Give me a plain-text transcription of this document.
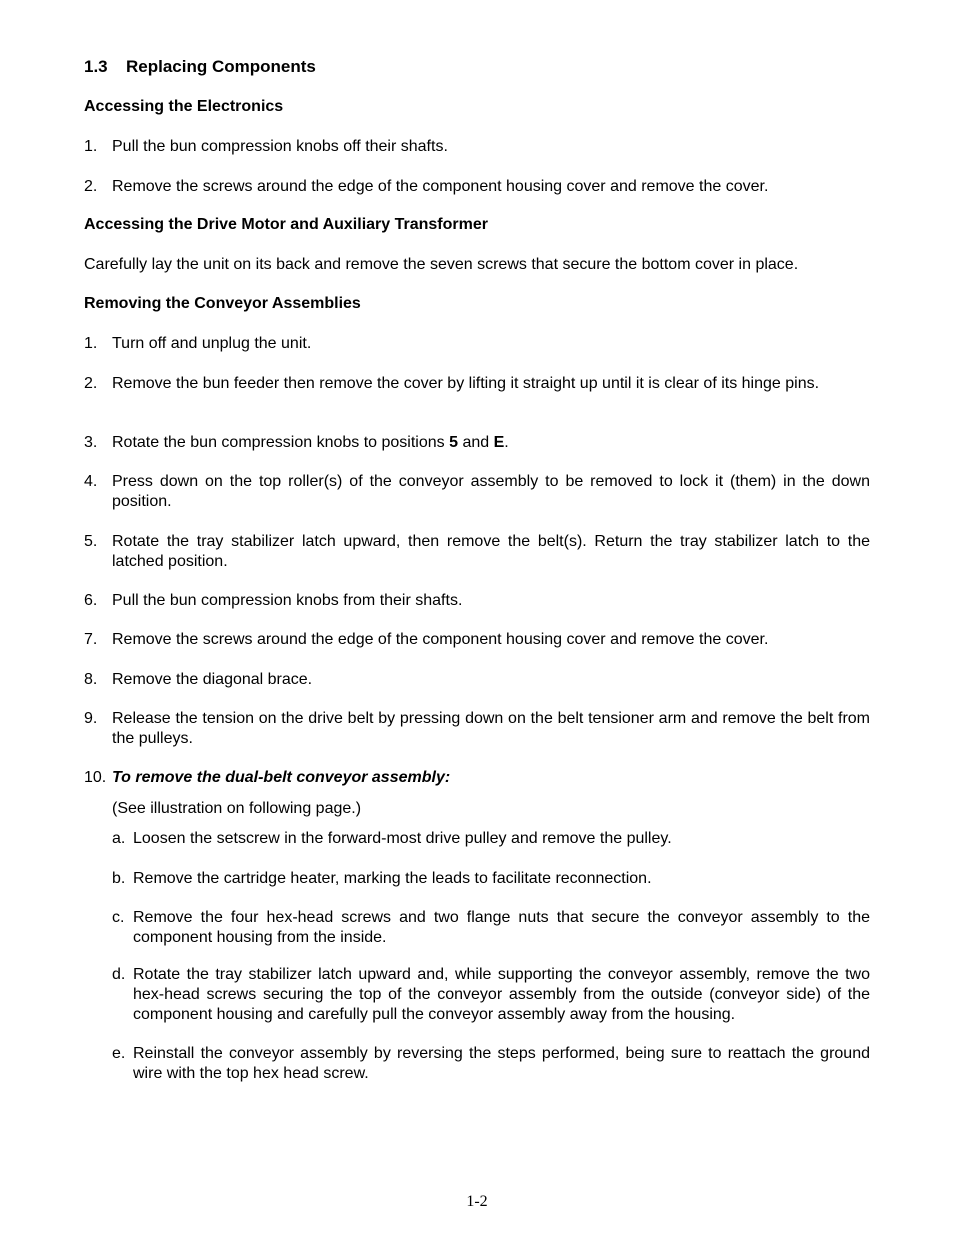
1.3 Replacing Components
Accessing the Electronics
1. Pull the bun compression knobs off their shafts.
2. Remove the screws around the edge of the component housing cover and remove the cover.
Accessing the Drive Motor and Auxiliary Transformer
Carefully lay the unit on its back and remove the seven screws that secure the bottom cover in place.
Removing the Conveyor Assemblies
1. Turn off and unplug the unit.
2. Remove the bun feeder then remove the cover by lifting it straight up until it is clear of its hinge pins.
3. Rotate the bun compression knobs to positions 5 and E.
4. Press down on the top roller(s) of the conveyor assembly to be removed to lock it (them) in the down position.
5. Rotate the tray stabilizer latch upward, then remove the belt(s). Return the tray stabilizer latch to the latched position.
6. Pull the bun compression knobs from their shafts.
7. Remove the screws around the edge of the component housing cover and remove the cover.
8. Remove the diagonal brace.
9. Release the tension on the drive belt by pressing down on the belt tensioner arm and remove the belt from the pulleys.
10. To remove the dual-belt conveyor assembly:
(See illustration on following page.)
a. Loosen the setscrew in the forward-most drive pulley and remove the pulley.
b. Remove the cartridge heater, marking the leads to facilitate reconnection.
c. Remove the four hex-head screws and two flange nuts that secure the conveyor assembly to the component housing from the inside.
d. Rotate the tray stabilizer latch upward and, while supporting the conveyor assembly, remove the two hex-head screws securing the top of the conveyor assembly from the outside (conveyor side) of the component housing and carefully pull the conveyor assembly away from the housing.
e. Reinstall the conveyor assembly by reversing the steps performed, being sure to reattach the ground wire with the top hex head screw.
1-2
